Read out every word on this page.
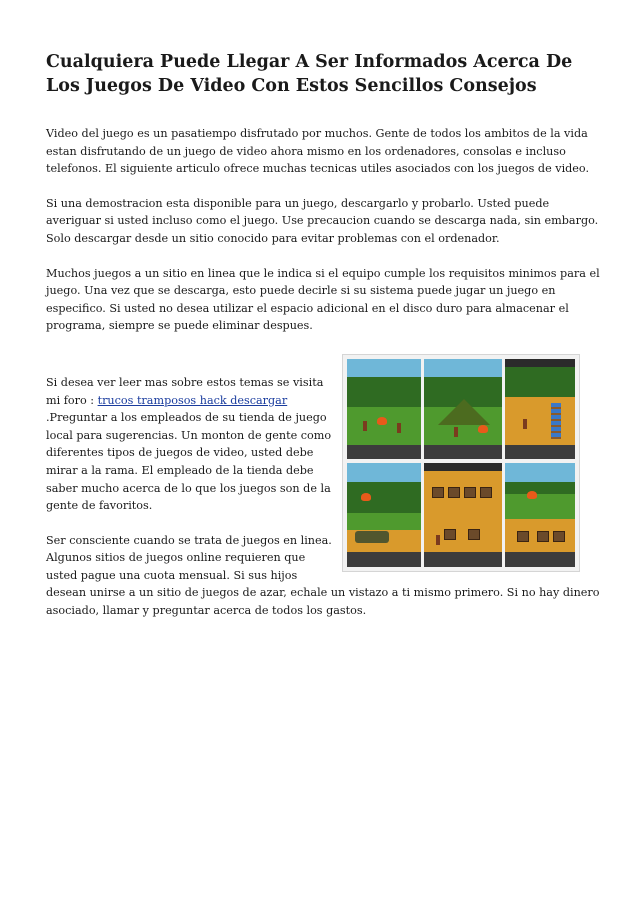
Cualquiera Puede Llegar A Ser Informados Acerca De Los Juegos De Video Con Estos Sencillos Consejos

Video del juego es un pasatiempo disfrutado por muchos. Gente de todos los ambitos de la vida estan disfrutando de un juego de video ahora mismo en los ordenadores, consolas e incluso telefonos. El siguiente articulo ofrece muchas tecnicas utiles asociados con los juegos de video.

Si una demostracion esta disponible para un juego, descargarlo y probarlo. Usted puede averiguar si usted incluso como el juego. Use precaucion cuando se descarga nada, sin embargo. Solo descargar desde un sitio conocido para evitar problemas con el ordenador.

Muchos juegos a un sitio en linea que le indica si el equipo cumple los requisitos minimos para el juego. Una vez que se descarga, esto puede decirle si su sistema puede jugar un juego en especifico. Si usted no desea utilizar el espacio adicional en el disco duro para almacenar el programa, siempre se puede eliminar despues.

Si desea ver leer mas sobre estos temas se visita mi foro : trucos tramposos hack descargar .Preguntar a los empleados de su tienda de juego local para sugerencias. Un monton de gente como diferentes tipos de juegos de video, usted debe mirar a la rama. El empleado de la tienda debe saber mucho acerca de lo que los juegos son de la gente de favoritos.

Ser consciente cuando se trata de juegos en linea. Algunos sitios de juegos online requieren que usted pague una cuota mensual. Si sus hijos desean unirse a un sitio de juegos de azar, echale un vistazo a ti mismo primero. Si no hay dinero asociado, llamar y preguntar acerca de todos los gastos.
